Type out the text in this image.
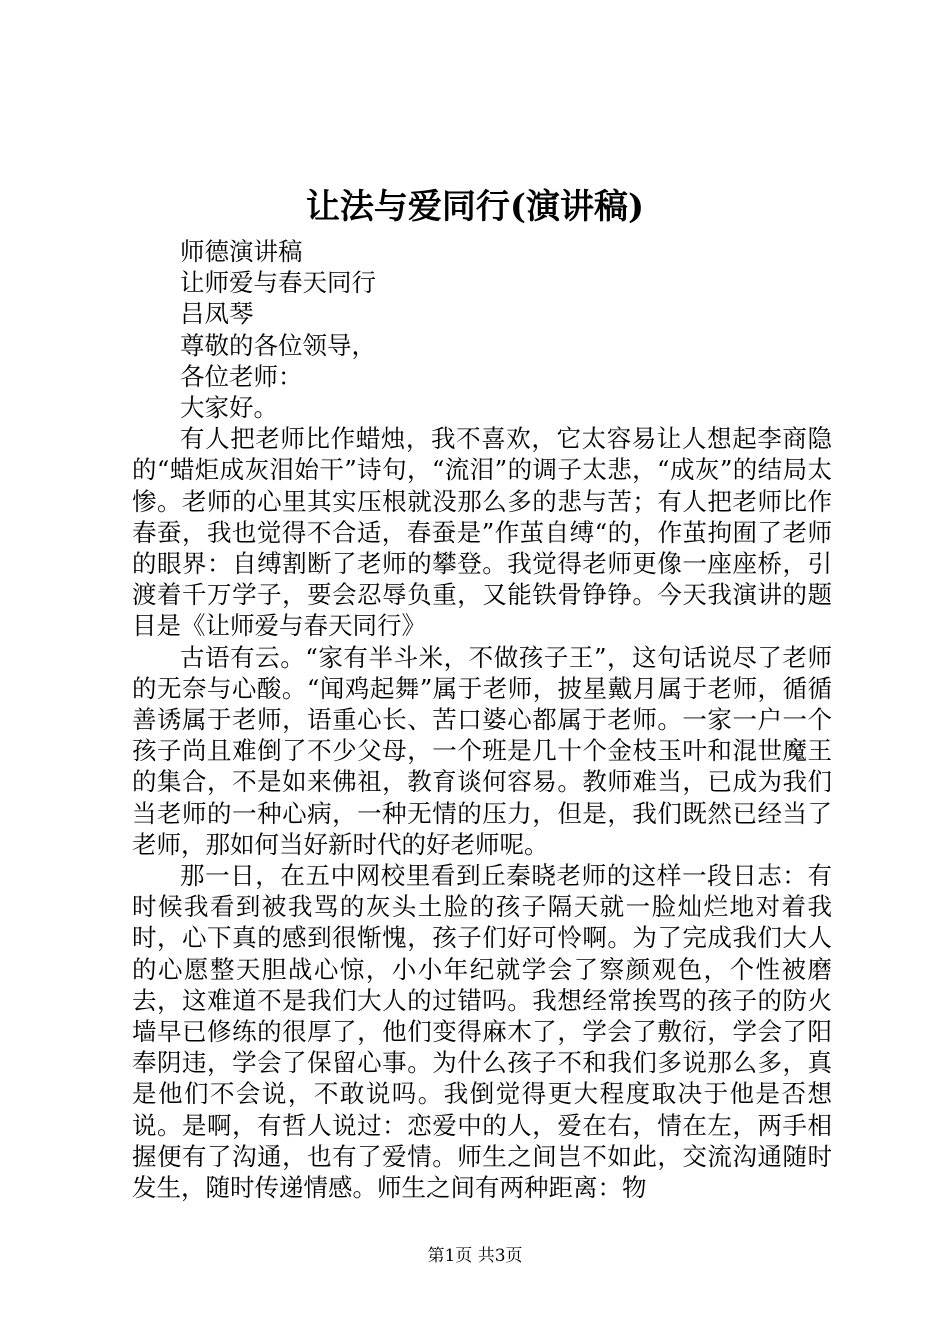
让法与爱同行(演讲稿)
师德演讲稿
让师爱与春天同行
吕凤琴
尊敬的各位领导，
各位老师：
大家好。

有人把老师比作蜡烛，我不喜欢，它太容易让人想起李商隐的“蜡炬成灰泪始干”诗句，“流泪”的调子太悲，“成灰”的结局太惨。老师的心里其实压根就没那么多的悲与苦；有人把老师比作春蚕，我也觉得不合适，春蚕是”作茧自缚“的，作茧拘囿了老师的眼界：自缚割断了老师的攀登。我觉得老师更像一座座桥，引渡着千万学子，要会忍辱负重，又能铁骨铮铮。今天我演讲的题目是《让师爱与春天同行》

古语有云。“家有半斗米，不做孩子王”，这句话说尽了老师的无奈与心酸。“闻鸡起舞”属于老师，披星戴月属于老师，循循善诱属于老师，语重心长、苦口婆心都属于老师。一家一户一个孩子尚且难倒了不少父母，一个班是几十个金枝玉叶和混世魔王的集合，不是如来佛祖，教育谈何容易。教师难当，已成为我们当老师的一种心病，一种无情的压力，但是，我们既然已经当了老师，那如何当好新时代的好老师呢。

那一日，在五中网校里看到丘秦晓老师的这样一段日志：有时候我看到被我骂的灰头土脸的孩子隔天就一脸灿烂地对着我时，心下真的感到很惭愧，孩子们好可怜啊。为了完成我们大人的心愿整天胆战心惊，小小年纪就学会了察颜观色，个性被磨去，这难道不是我们大人的过错吗。我想经常挨骂的孩子的防火墙早已修练的很厚了，他们变得麻木了，学会了敷衍，学会了阳奉阴违，学会了保留心事。为什么孩子不和我们多说那么多，真是他们不会说，不敢说吗。我倒觉得更大程度取决于他是否想说。是啊，有哲人说过：恋爱中的人，爱在右，情在左，两手相握便有了沟通，也有了爱情。师生之间岂不如此，交流沟通随时发生，随时传递情感。师生之间有两种距离：物

第1页 共3页
